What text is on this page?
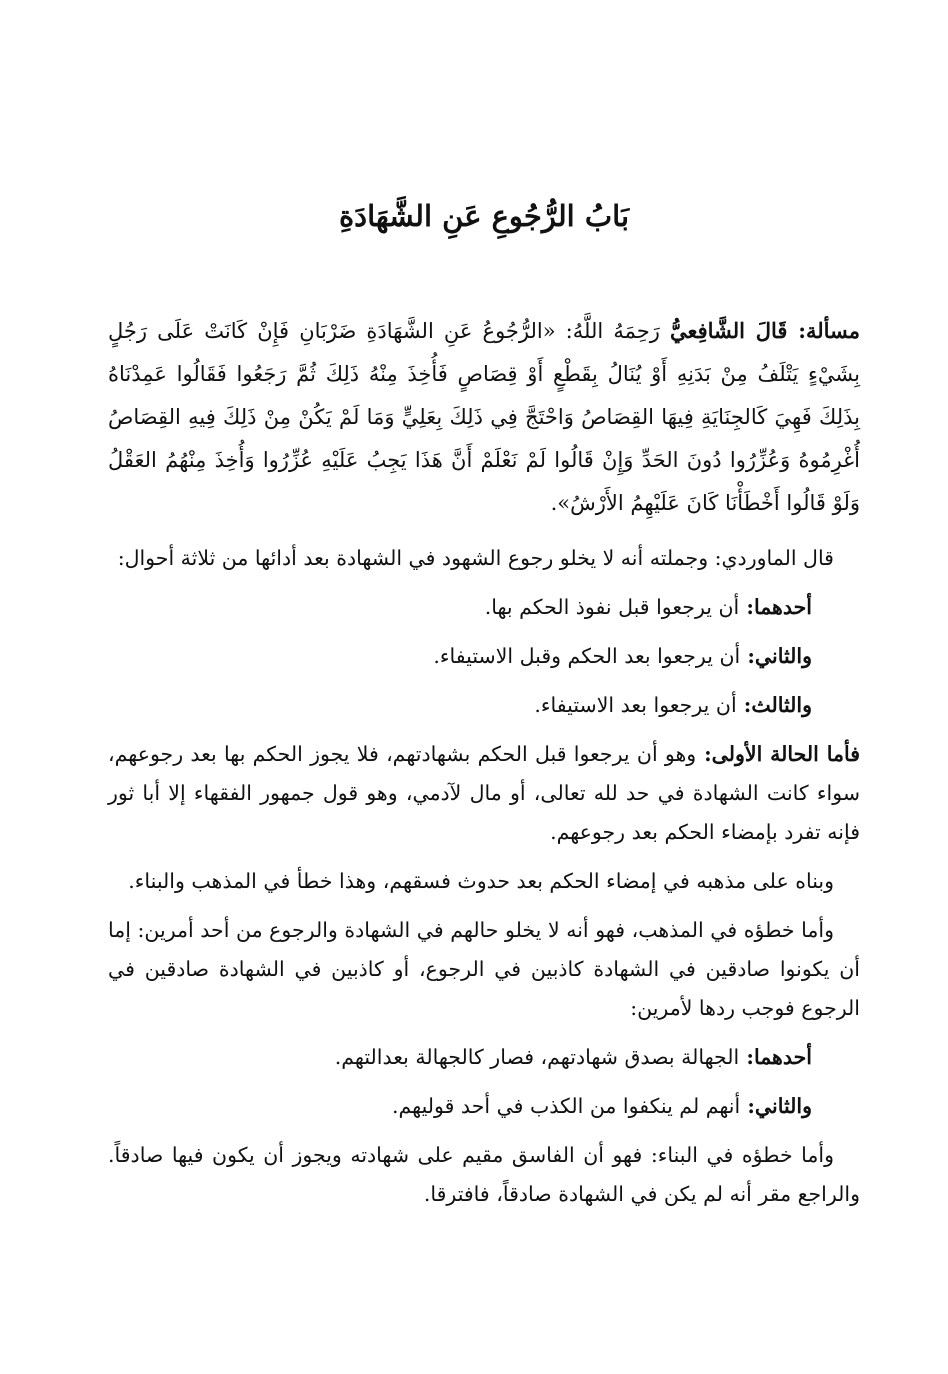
بَابُ الرُّجُوعِ عَنِ الشَّهَادَةِ

مسألة: قَالَ الشَّافِعيُّ رَحِمَهُ اللَّهُ: «الرُّجُوعُ عَنِ الشَّهَادَةِ ضَرْبَانِ فَإِنْ كَانَتْ عَلَى رَجُلٍ بِشَيْءٍ يَتْلَفُ مِنْ بَدَنِهِ أَوْ يُنَالُ بِقَطْعٍ أَوْ قِصَاصٍ فَأُخِذَ مِنْهُ ذَلِكَ ثُمَّ رَجَعُوا فَقَالُوا عَمِدْنَاهُ بِذَلِكَ فَهِيَ كَالجِنَايَةِ فِيهَا القِصَاصُ وَاحْتَجَّ فِي ذَلِكَ بِعَلِيٍّ وَمَا لَمْ يَكُنْ مِنْ ذَلِكَ فِيهِ القِصَاصُ أُغْرِمُوهُ وَعُزِّرُوا دُونَ الحَدِّ وَإِنْ قَالُوا لَمْ نَعْلَمْ أَنَّ هَذَا يَجِبُ عَلَيْهِ عُزِّرُوا وَأُخِذَ مِنْهُمُ العَقْلُ وَلَوْ قَالُوا أَخْطَأْنَا كَانَ عَلَيْهِمُ الأَرْشُ».

قال الماوردي: وجملته أنه لا يخلو رجوع الشهود في الشهادة بعد أدائها من ثلاثة أحوال:

أحدهما: أن يرجعوا قبل نفوذ الحكم بها.

والثاني: أن يرجعوا بعد الحكم وقبل الاستيفاء.

والثالث: أن يرجعوا بعد الاستيفاء.

فأما الحالة الأولى: وهو أن يرجعوا قبل الحكم بشهادتهم، فلا يجوز الحكم بها بعد رجوعهم، سواء كانت الشهادة في حد لله تعالى، أو مال لآدمي، وهو قول جمهور الفقهاء إلا أبا ثور فإنه تفرد بإمضاء الحكم بعد رجوعهم.

وبناه على مذهبه في إمضاء الحكم بعد حدوث فسقهم، وهذا خطأ في المذهب والبناء.

وأما خطؤه في المذهب، فهو أنه لا يخلو حالهم في الشهادة والرجوع من أحد أمرين: إما أن يكونوا صادقين في الشهادة كاذبين في الرجوع، أو كاذبين في الشهادة صادقين في الرجوع فوجب ردها لأمرين:

أحدهما: الجهالة بصدق شهادتهم، فصار كالجهالة بعدالتهم.

والثاني: أنهم لم ينكفوا من الكذب في أحد قوليهم.

وأما خطؤه في البناء: فهو أن الفاسق مقيم على شهادته ويجوز أن يكون فيها صادقاً. والراجع مقر أنه لم يكن في الشهادة صادقاً، فافترقا.
